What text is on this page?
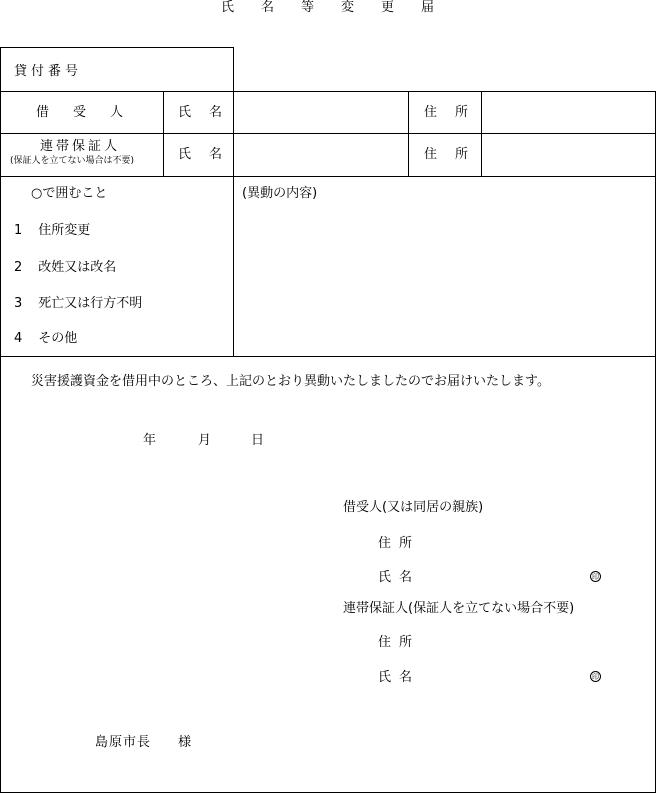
氏 名 等 変 更 届
貸 付 番 号
借 受 人	氏 名	住 所
連 帯 保 証 人
(保証人を立てない場合は不要)	氏 名	住 所
○で囲むこと
1 住所変更
2 改姓又は改名
3 死亡又は行方不明
4 その他
(異動の内容)
災害援護資金を借用中のところ、上記のとおり異動いたしましたのでお届けいたします。
年	月	日
借受人(又は同居の親族)
住 所
氏 名	印
連帯保証人(保証人を立てない場合不要)
住 所
氏 名	印
島原市長 様
